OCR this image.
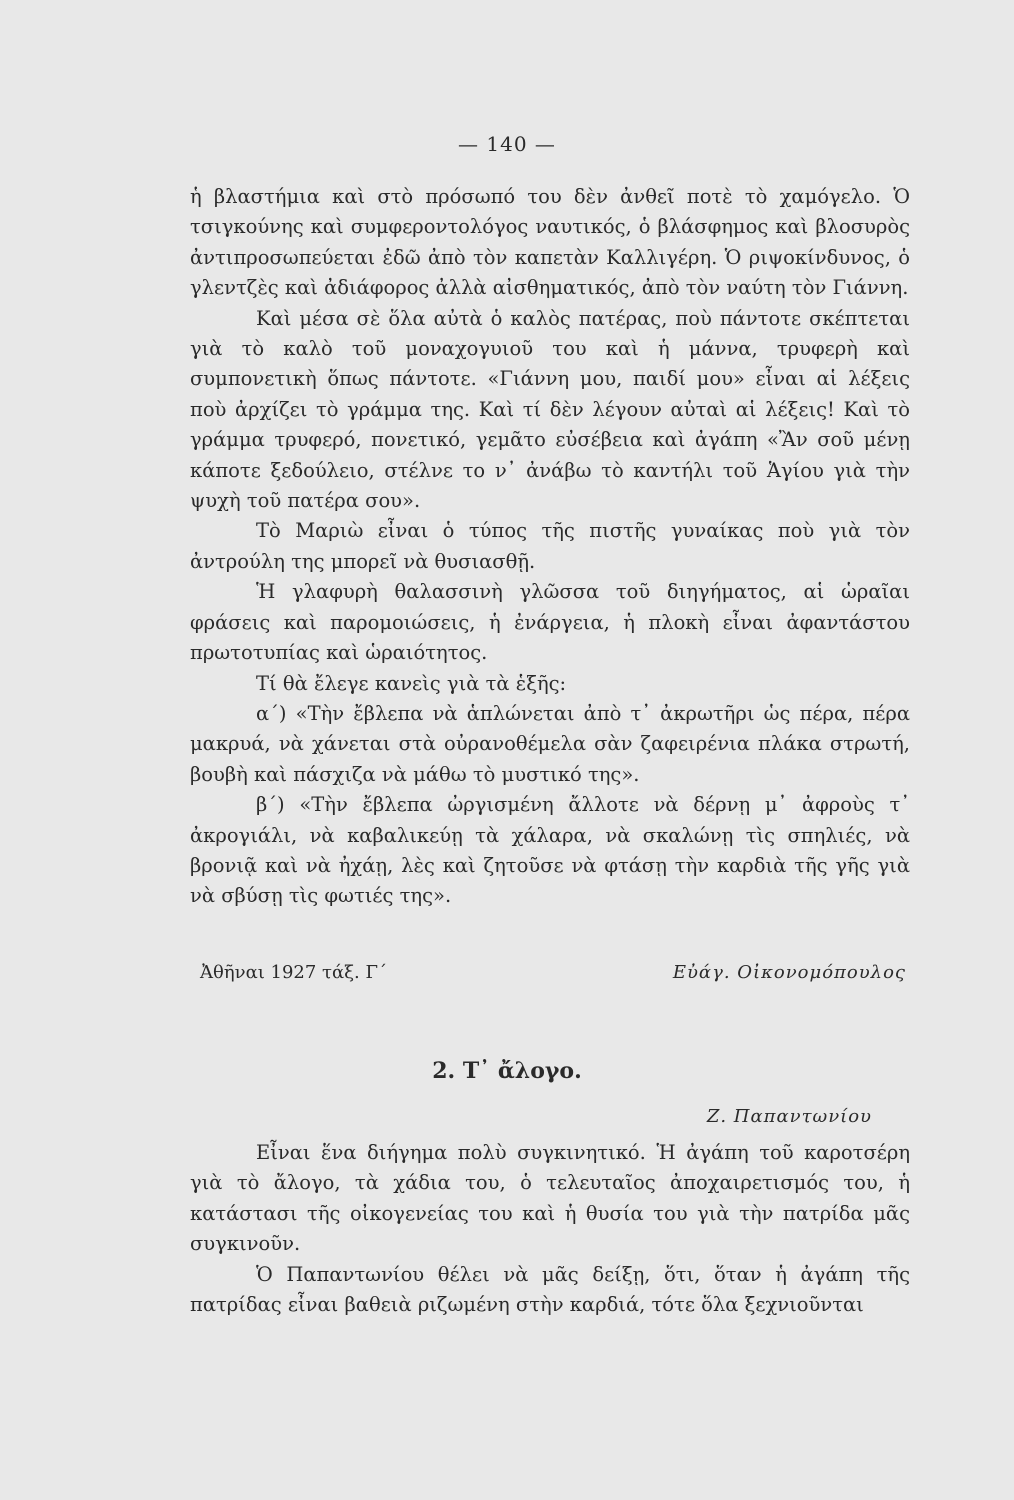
— 140 —

ἡ βλαστήμια καὶ στὸ πρόσωπό του δὲν ἀνθεῖ ποτὲ τὸ χαμόγελο. Ὁ τσιγκούνης καὶ συμφεροντολόγος ναυτικός, ὁ βλάσφημος καὶ βλοσυρὸς ἀντιπροσωπεύεται ἐδῶ ἀπὸ τὸν καπετὰν Καλλιγέρη. Ὁ ριψοκίνδυνος, ὁ γλεντζὲς καὶ ἀδιάφορος ἀλλὰ αἰσθηματικός, ἀπὸ τὸν ναύτη τὸν Γιάννη.

Καὶ μέσα σὲ ὅλα αὐτὰ ὁ καλὸς πατέρας, ποὺ πάντοτε σκέπτεται γιὰ τὸ καλὸ τοῦ μοναχογυιοῦ του καὶ ἡ μάννα, τρυφερὴ καὶ συμπονετικὴ ὅπως πάντοτε. «Γιάννη μου, παιδί μου» εἶναι αἱ λέξεις ποὺ ἀρχίζει τὸ γράμμα της. Καὶ τί δὲν λέγουν αὐταὶ αἱ λέξεις! Καὶ τὸ γράμμα τρυφερό, πονετικό, γεμᾶτο εὐσέβεια καὶ ἀγάπη «Ἂν σοῦ μένῃ κάποτε ξεδούλειο, στέλνε το ν᾽ ἀνάβω τὸ καντήλι τοῦ Ἁγίου γιὰ τὴν ψυχὴ τοῦ πατέρα σου».

Τὸ Μαριὼ εἶναι ὁ τύπος τῆς πιστῆς γυναίκας ποὺ γιὰ τὸν ἀντρούλη της μπορεῖ νὰ θυσιασθῇ.

Ἡ γλαφυρὴ θαλασσινὴ γλῶσσα τοῦ διηγήματος, αἱ ὡραῖαι φράσεις καὶ παρομοιώσεις, ἡ ἐνάργεια, ἡ πλοκὴ εἶναι ἀφαντάστου πρωτοτυπίας καὶ ὡραιότητος.

Τί θὰ ἔλεγε κανεὶς γιὰ τὰ ἑξῆς:

α΄) «Τὴν ἔβλεπα νὰ ἁπλώνεται ἀπὸ τ᾽ ἀκρωτῆρι ὡς πέρα, πέρα μακρυά, νὰ χάνεται στὰ οὐρανοθέμελα σὰν ζαφειρένια πλάκα στρωτή, βουβὴ καὶ πάσχιζα νὰ μάθω τὸ μυστικό της».

β΄) «Τὴν ἔβλεπα ὠργισμένη ἄλλοτε νὰ δέρνῃ μ᾽ ἀφροὺς τ᾽ ἀκρογιάλι, νὰ καβαλικεύῃ τὰ χάλαρα, νὰ σκαλώνῃ τὶς σπηλιές, νὰ βρονιᾷ καὶ νὰ ἠχάῃ, λὲς καὶ ζητοῦσε νὰ φτάσῃ τὴν καρδιὰ τῆς γῆς γιὰ νὰ σβύσῃ τὶς φωτιές της».

Ἀθῆναι 1927 τάξ. Γ΄	Εὐάγ. Οἰκονομόπουλος
2. Τ᾽ ἄλογο.
Ζ. Παπαντωνίου

Εἶναι ἕνα διήγημα πολὺ συγκινητικό. Ἡ ἀγάπη τοῦ καροτσέρη γιὰ τὸ ἄλογο, τὰ χάδια του, ὁ τελευταῖος ἀποχαιρετισμός του, ἡ κατάστασι τῆς οἰκογενείας του καὶ ἡ θυσία του γιὰ τὴν πατρίδα μᾶς συγκινοῦν.

Ὁ Παπαντωνίου θέλει νὰ μᾶς δείξῃ, ὅτι, ὅταν ἡ ἀγάπη τῆς πατρίδας εἶναι βαθειὰ ριζωμένη στὴν καρδιά, τότε ὅλα ξεχνιοῦνται
